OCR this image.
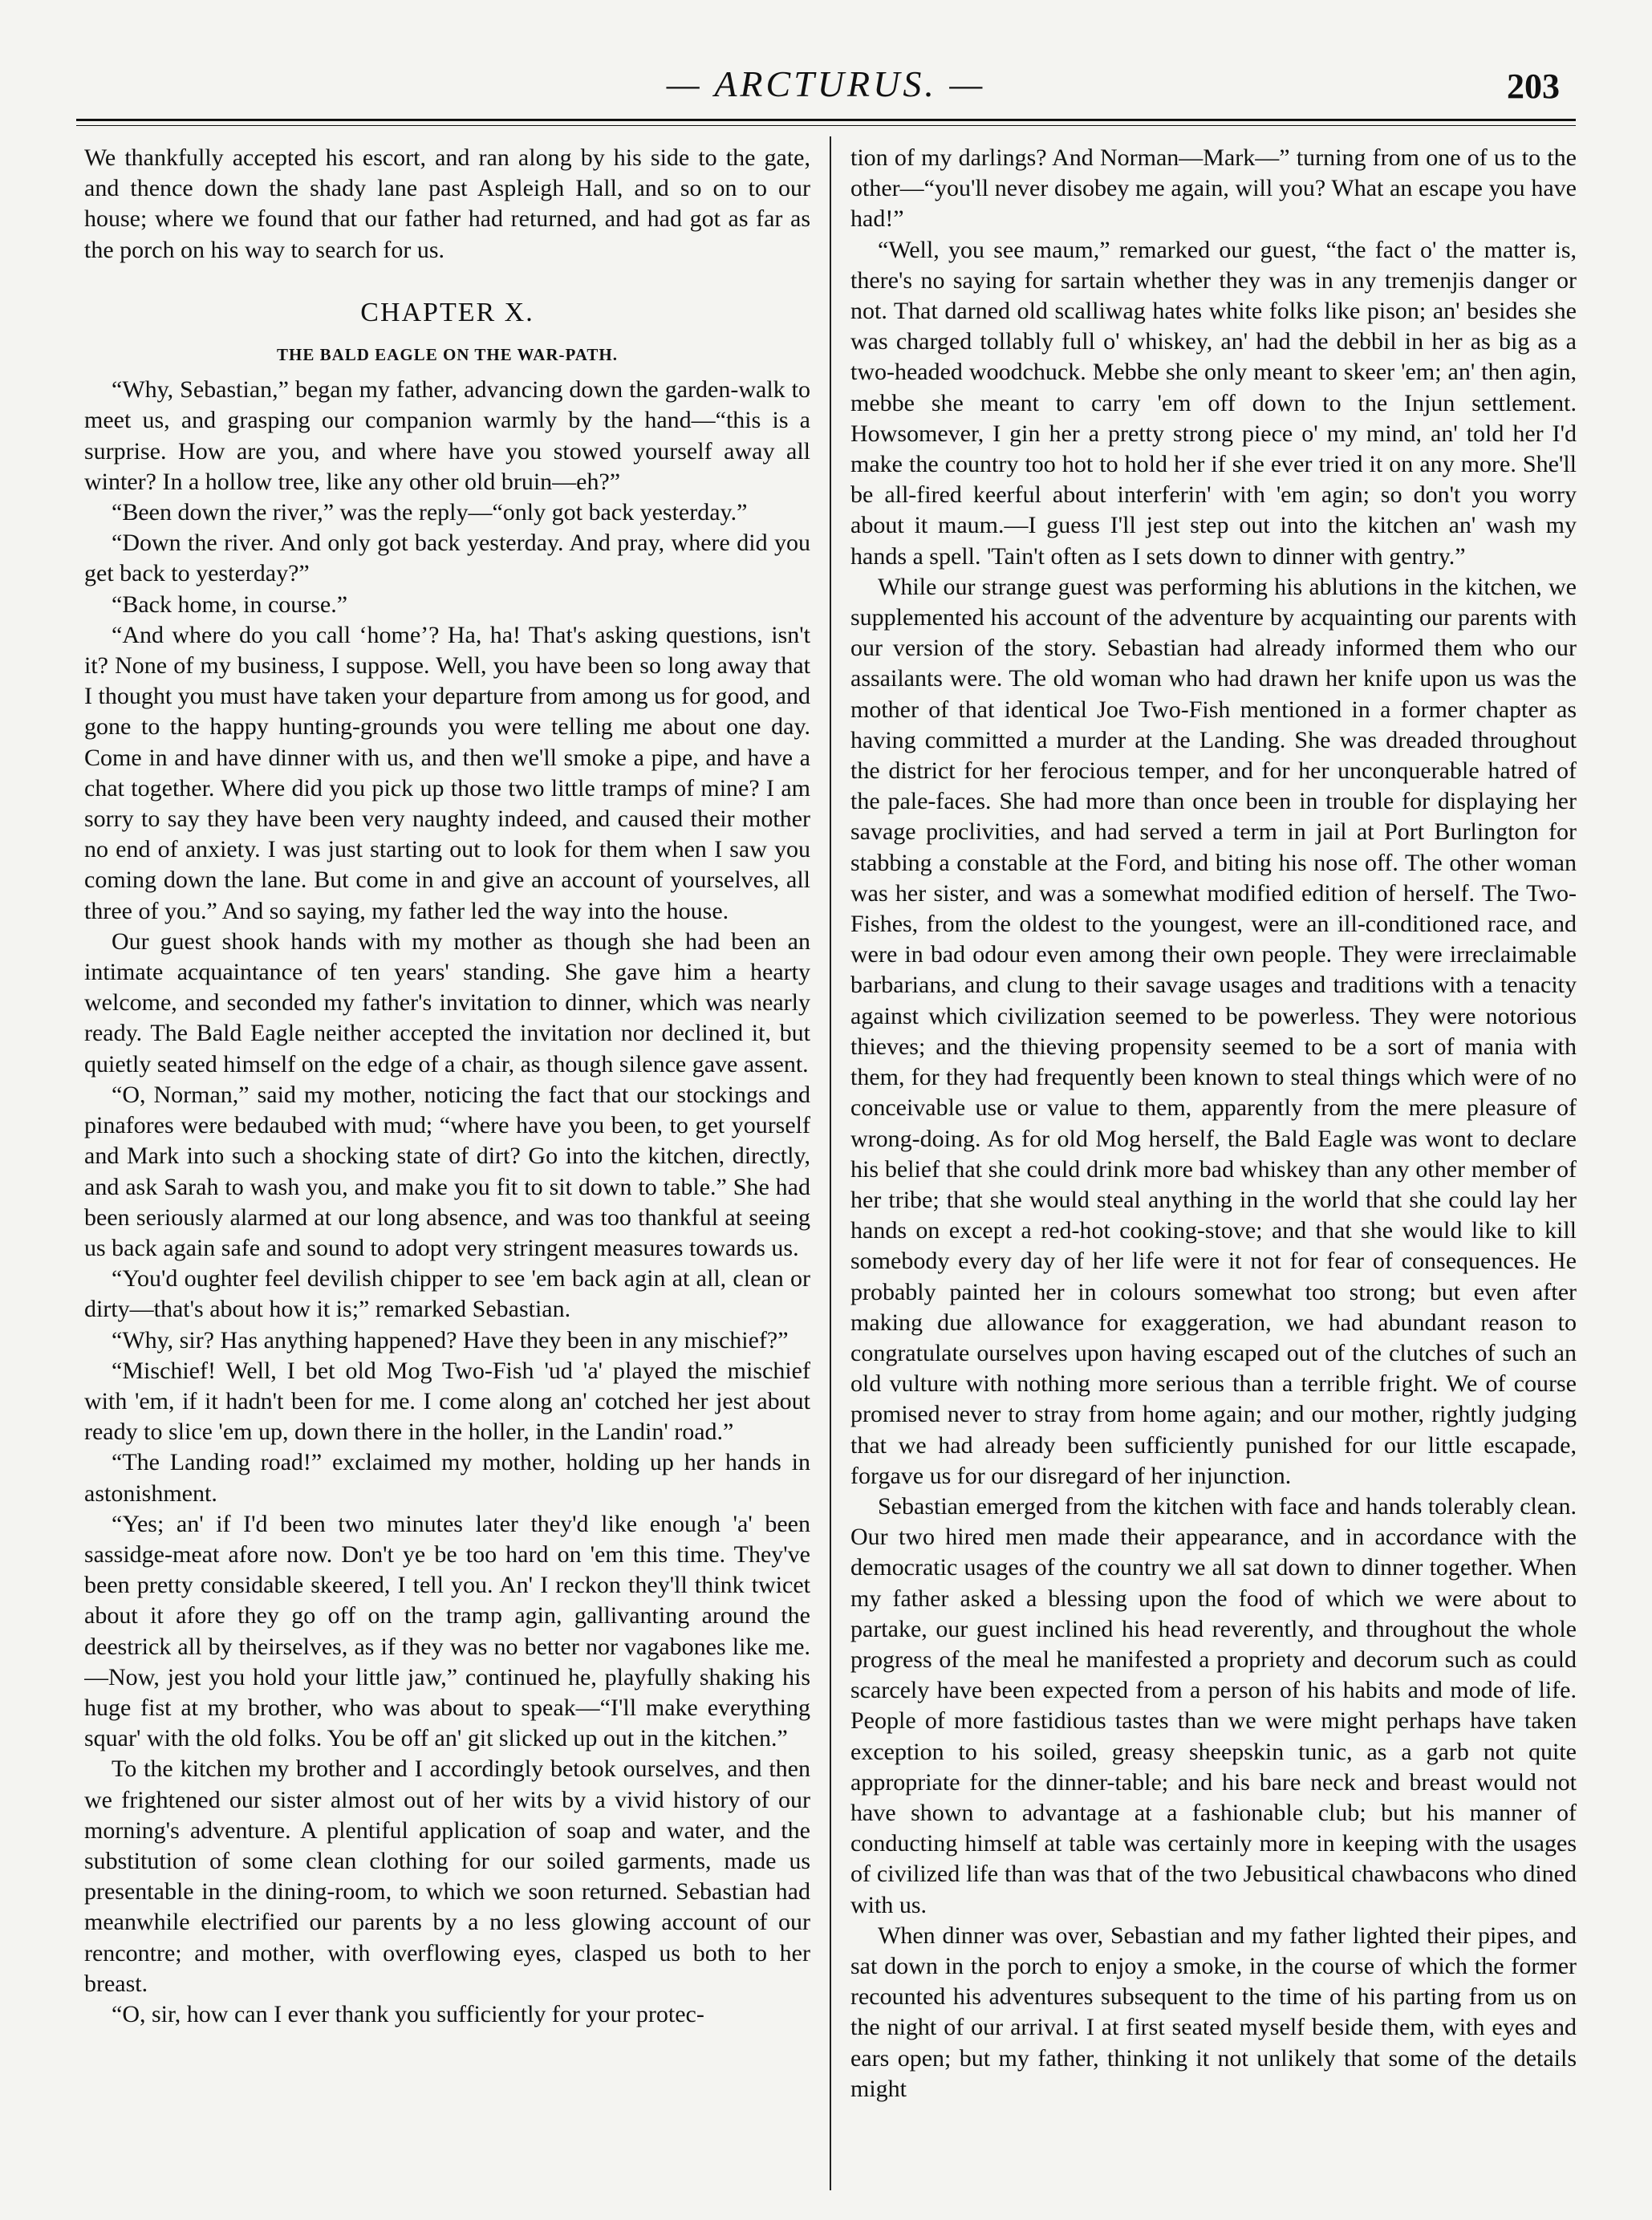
— ARCTURUS. —	203

We thankfully accepted his escort, and ran along by his side to the gate, and thence down the shady lane past Aspleigh Hall, and so on to our house; where we found that our father had returned, and had got as far as the porch on his way to search for us.

CHAPTER X.
THE BALD EAGLE ON THE WAR-PATH.

“Why, Sebastian,” began my father, advancing down the garden-walk to meet us, and grasping our companion warmly by the hand—“this is a surprise. How are you, and where have you stowed yourself away all winter? In a hollow tree, like any other old bruin—eh?”

“Been down the river,” was the reply—“only got back yesterday.”

“Down the river. And only got back yesterday. And pray, where did you get back to yesterday?”

“Back home, in course.”

“And where do you call ‘home’? Ha, ha! That's asking questions, isn't it? None of my business, I suppose. Well, you have been so long away that I thought you must have taken your departure from among us for good, and gone to the happy hunting-grounds you were telling me about one day. Come in and have dinner with us, and then we'll smoke a pipe, and have a chat together. Where did you pick up those two little tramps of mine? I am sorry to say they have been very naughty indeed, and caused their mother no end of anxiety. I was just starting out to look for them when I saw you coming down the lane. But come in and give an account of yourselves, all three of you.” And so saying, my father led the way into the house.

Our guest shook hands with my mother as though she had been an intimate acquaintance of ten years' standing. She gave him a hearty welcome, and seconded my father's invitation to dinner, which was nearly ready. The Bald Eagle neither accepted the invitation nor declined it, but quietly seated himself on the edge of a chair, as though silence gave assent.

“O, Norman,” said my mother, noticing the fact that our stockings and pinafores were bedaubed with mud; “where have you been, to get yourself and Mark into such a shocking state of dirt? Go into the kitchen, directly, and ask Sarah to wash you, and make you fit to sit down to table.” She had been seriously alarmed at our long absence, and was too thankful at seeing us back again safe and sound to adopt very stringent measures towards us.

“You'd oughter feel devilish chipper to see 'em back agin at all, clean or dirty—that's about how it is;” remarked Sebastian.

“Why, sir? Has anything happened? Have they been in any mischief?”

“Mischief! Well, I bet old Mog Two-Fish 'ud 'a' played the mischief with 'em, if it hadn't been for me. I come along an' cotched her jest about ready to slice 'em up, down there in the holler, in the Landin' road.”

“The Landing road!” exclaimed my mother, holding up her hands in astonishment.

“Yes; an' if I'd been two minutes later they'd like enough 'a' been sassidge-meat afore now. Don't ye be too hard on 'em this time. They've been pretty considable skeered, I tell you. An' I reckon they'll think twicet about it afore they go off on the tramp agin, gallivanting around the deestrick all by theirselves, as if they was no better nor vagabones like me.—Now, jest you hold your little jaw,” continued he, playfully shaking his huge fist at my brother, who was about to speak—“I'll make everything squar' with the old folks. You be off an' git slicked up out in the kitchen.”

To the kitchen my brother and I accordingly betook ourselves, and then we frightened our sister almost out of her wits by a vivid history of our morning's adventure. A plentiful application of soap and water, and the substitution of some clean clothing for our soiled garments, made us presentable in the dining-room, to which we soon returned. Sebastian had meanwhile electrified our parents by a no less glowing account of our rencontre; and mother, with overflowing eyes, clasped us both to her breast.

“O, sir, how can I ever thank you sufficiently for your protec-

tion of my darlings? And Norman—Mark—” turning from one of us to the other—“you'll never disobey me again, will you? What an escape you have had!”

“Well, you see maum,” remarked our guest, “the fact o' the matter is, there's no saying for sartain whether they was in any tremenjis danger or not. That darned old scalliwag hates white folks like pison; an' besides she was charged tollably full o' whiskey, an' had the debbil in her as big as a two-headed woodchuck. Mebbe she only meant to skeer 'em; an' then agin, mebbe she meant to carry 'em off down to the Injun settlement. Howsomever, I gin her a pretty strong piece o' my mind, an' told her I'd make the country too hot to hold her if she ever tried it on any more. She'll be all-fired keerful about interferin' with 'em agin; so don't you worry about it maum.—I guess I'll jest step out into the kitchen an' wash my hands a spell. 'Tain't often as I sets down to dinner with gentry.”

While our strange guest was performing his ablutions in the kitchen, we supplemented his account of the adventure by acquainting our parents with our version of the story. Sebastian had already informed them who our assailants were. The old woman who had drawn her knife upon us was the mother of that identical Joe Two-Fish mentioned in a former chapter as having committed a murder at the Landing. She was dreaded throughout the district for her ferocious temper, and for her unconquerable hatred of the pale-faces. She had more than once been in trouble for displaying her savage proclivities, and had served a term in jail at Port Burlington for stabbing a constable at the Ford, and biting his nose off. The other woman was her sister, and was a somewhat modified edition of herself. The Two-Fishes, from the oldest to the youngest, were an ill-conditioned race, and were in bad odour even among their own people. They were irreclaimable barbarians, and clung to their savage usages and traditions with a tenacity against which civilization seemed to be powerless. They were notorious thieves; and the thieving propensity seemed to be a sort of mania with them, for they had frequently been known to steal things which were of no conceivable use or value to them, apparently from the mere pleasure of wrong-doing. As for old Mog herself, the Bald Eagle was wont to declare his belief that she could drink more bad whiskey than any other member of her tribe; that she would steal anything in the world that she could lay her hands on except a red-hot cooking-stove; and that she would like to kill somebody every day of her life were it not for fear of consequences. He probably painted her in colours somewhat too strong; but even after making due allowance for exaggeration, we had abundant reason to congratulate ourselves upon having escaped out of the clutches of such an old vulture with nothing more serious than a terrible fright. We of course promised never to stray from home again; and our mother, rightly judging that we had already been sufficiently punished for our little escapade, forgave us for our disregard of her injunction.

Sebastian emerged from the kitchen with face and hands tolerably clean. Our two hired men made their appearance, and in accordance with the democratic usages of the country we all sat down to dinner together. When my father asked a blessing upon the food of which we were about to partake, our guest inclined his head reverently, and throughout the whole progress of the meal he manifested a propriety and decorum such as could scarcely have been expected from a person of his habits and mode of life. People of more fastidious tastes than we were might perhaps have taken exception to his soiled, greasy sheepskin tunic, as a garb not quite appropriate for the dinner-table; and his bare neck and breast would not have shown to advantage at a fashionable club; but his manner of conducting himself at table was certainly more in keeping with the usages of civilized life than was that of the two Jebusitical chawbacons who dined with us.

When dinner was over, Sebastian and my father lighted their pipes, and sat down in the porch to enjoy a smoke, in the course of which the former recounted his adventures subsequent to the time of his parting from us on the night of our arrival. I at first seated myself beside them, with eyes and ears open; but my father, thinking it not unlikely that some of the details might
